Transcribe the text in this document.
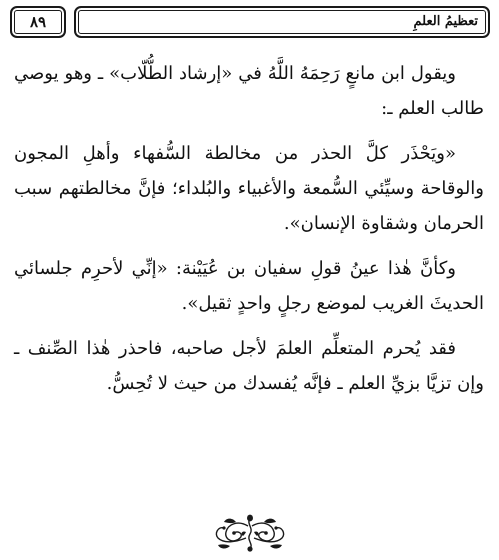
٨٩	تعظيمُ العلمِ

ويقول ابن مانعٍ رَحِمَهُ اللَّهُ في «إرشاد الطُّلّاب» ـ وهو يوصي طالب العلم ـ:

«ويَحْذَر كلَّ الحذر من مخالطة السُّفهاء وأهلِ المجون والوقاحة وسيِّئي السُّمعة والأغبياء والبُلداء؛ فإنَّ مخالطتهم سبب الحرمان وشقاوة الإنسان».

وكأنَّ هٰذا عينُ قولِ سفيان بن عُيَيْنة: «إنِّي لأحرِم جلسائي الحديثَ الغريب لموضع رجلٍ واحدٍ ثقيل».

فقد يُحرم المتعلِّم العلمَ لأجل صاحبه، فاحذر هٰذا الصِّنف ـ وإن تزيَّا بزيِّ العلم ـ فإنَّه يُفسدك من حيث لا تُحِسُّ.
